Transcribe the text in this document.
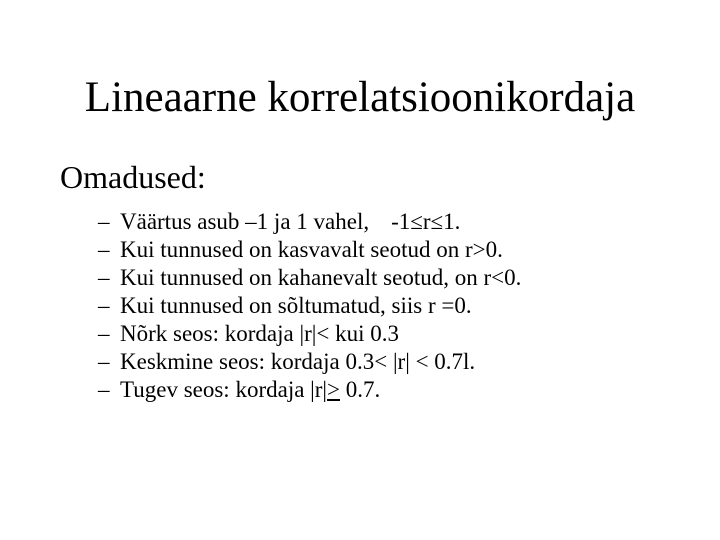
Lineaarne korrelatsioonikordaja
Omadused:
– Väärtus asub –1 ja 1 vahel, -1≤r≤1.
– Kui tunnused on kasvavalt seotud on r>0.
– Kui tunnused on kahanevalt seotud, on r<0.
– Kui tunnused on sõltumatud, siis r =0.
– Nõrk seos: kordaja |r|< kui 0.3
– Keskmine seos: kordaja 0.3< |r| < 0.7l.
– Tugev seos: kordaja |r|> 0.7.
